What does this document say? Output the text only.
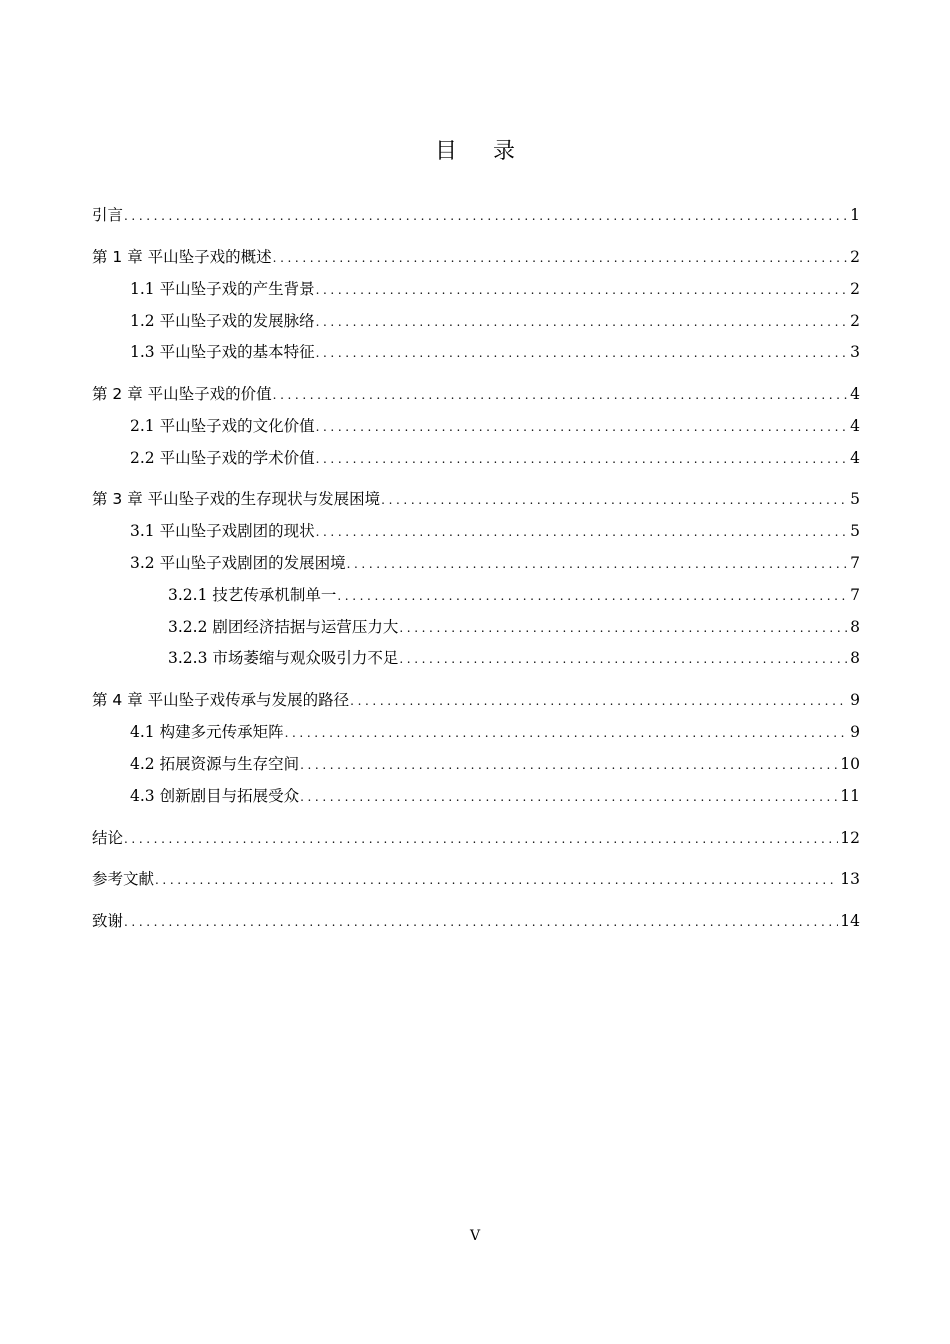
目录
引言 .....	1
第 1 章 平山坠子戏的概述 .....	2
1.1 平山坠子戏的产生背景 .....	2
1.2 平山坠子戏的发展脉络 .....	2
1.3 平山坠子戏的基本特征 .....	3
第 2 章 平山坠子戏的价值 .....	4
2.1 平山坠子戏的文化价值 .....	4
2.2 平山坠子戏的学术价值 .....	4
第 3 章 平山坠子戏的生存现状与发展困境 .....	5
3.1 平山坠子戏剧团的现状 .....	5
3.2 平山坠子戏剧团的发展困境 .....	7
3.2.1 技艺传承机制单一 .....	7
3.2.2 剧团经济拮据与运营压力大 .....	8
3.2.3 市场萎缩与观众吸引力不足 .....	8
第 4 章 平山坠子戏传承与发展的路径 .....	9
4.1 构建多元传承矩阵 .....	9
4.2 拓展资源与生存空间 .....	10
4.3 创新剧目与拓展受众 .....	11
结论 .....	12
参考文献 .....	13
致谢 .....	14
V
